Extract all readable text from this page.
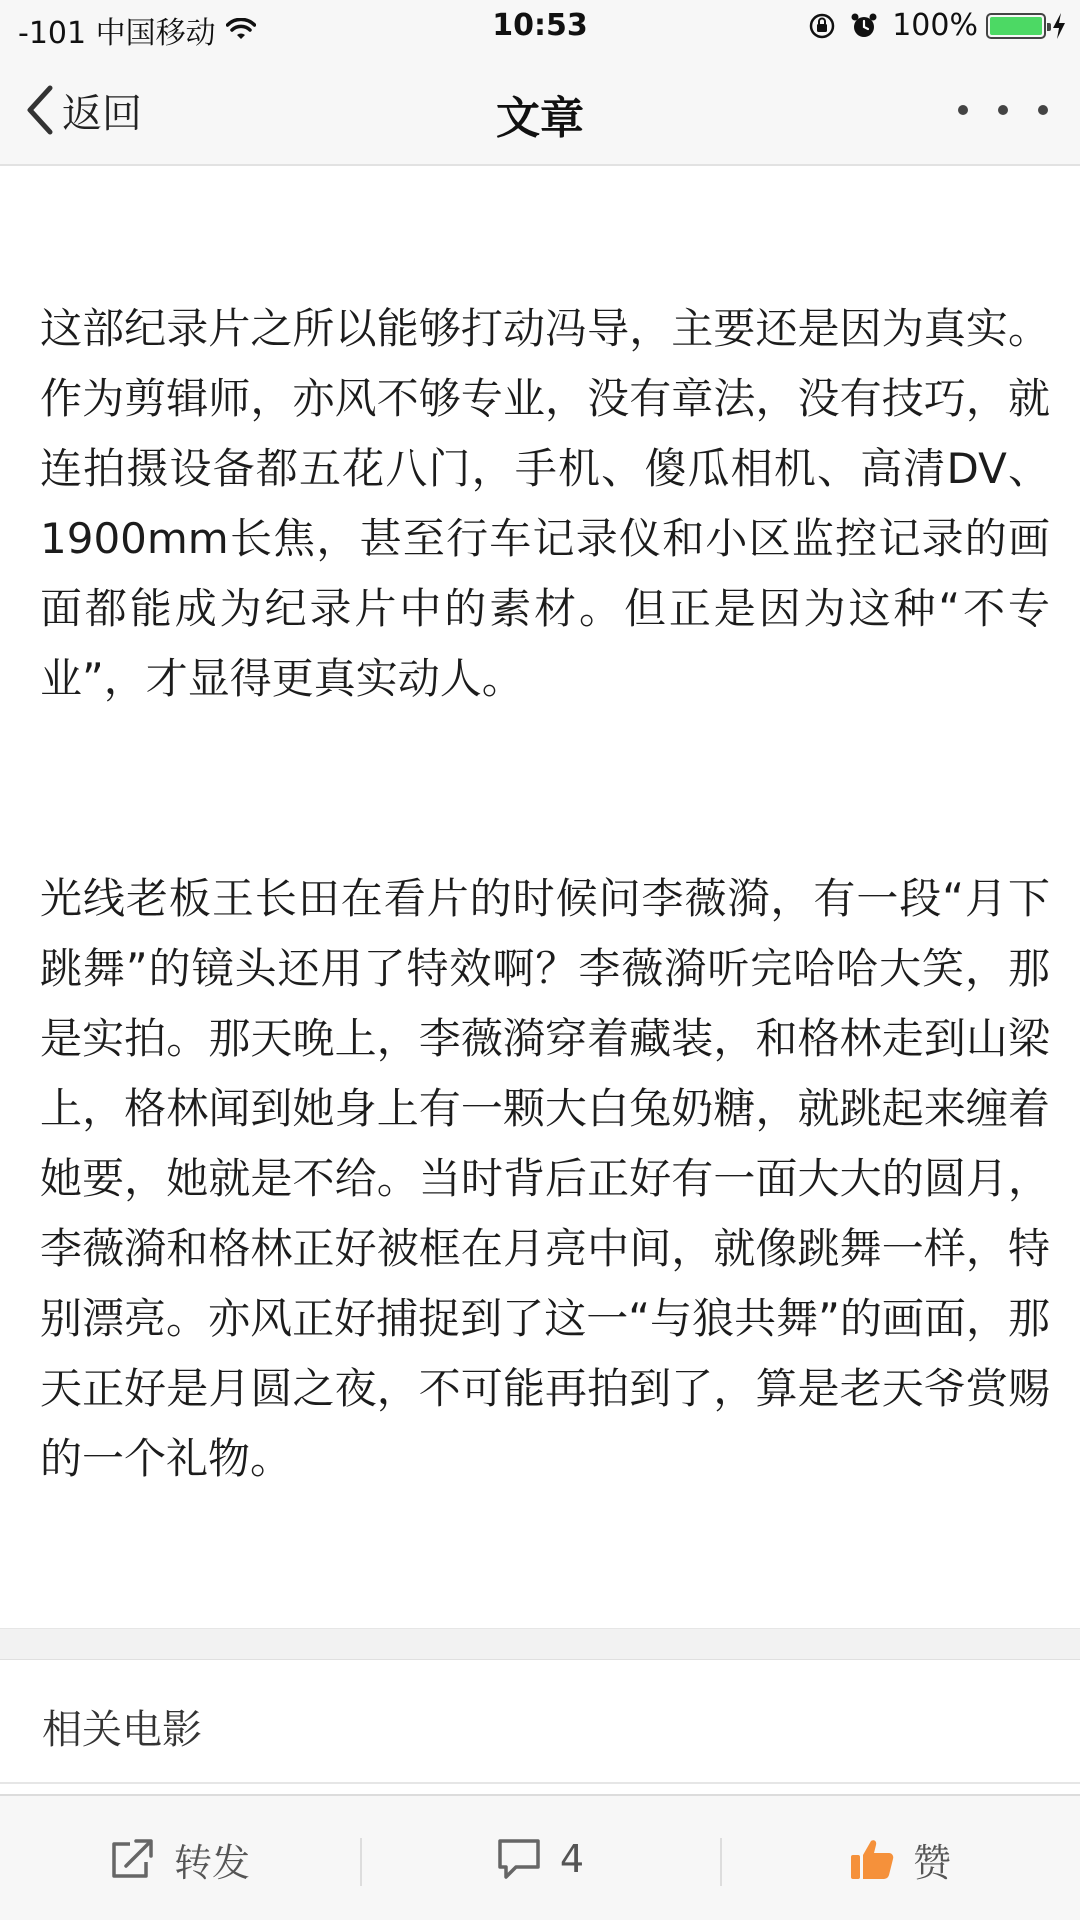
-101 中国移动	10:53	100%
返回	文章

这部纪录片之所以能够打动冯导，主要还是因为真实。作为剪辑师，亦风不够专业，没有章法，没有技巧，就连拍摄设备都五花八门，手机、傻瓜相机、高清DV、1900mm长焦，甚至行车记录仪和小区监控记录的画面都能成为纪录片中的素材。但正是因为这种“不专业”，才显得更真实动人。

光线老板王长田在看片的时候问李薇漪，有一段“月下跳舞”的镜头还用了特效啊？李薇漪听完哈哈大笑，那是实拍。那天晚上，李薇漪穿着藏装，和格林走到山梁上，格林闻到她身上有一颗大白兔奶糖，就跳起来缠着她要，她就是不给。当时背后正好有一面大大的圆月，李薇漪和格林正好被框在月亮中间，就像跳舞一样，特别漂亮。亦风正好捕捉到了这一“与狼共舞”的画面，那天正好是月圆之夜，不可能再拍到了，算是老天爷赏赐的一个礼物。

相关电影
转发	4	赞
